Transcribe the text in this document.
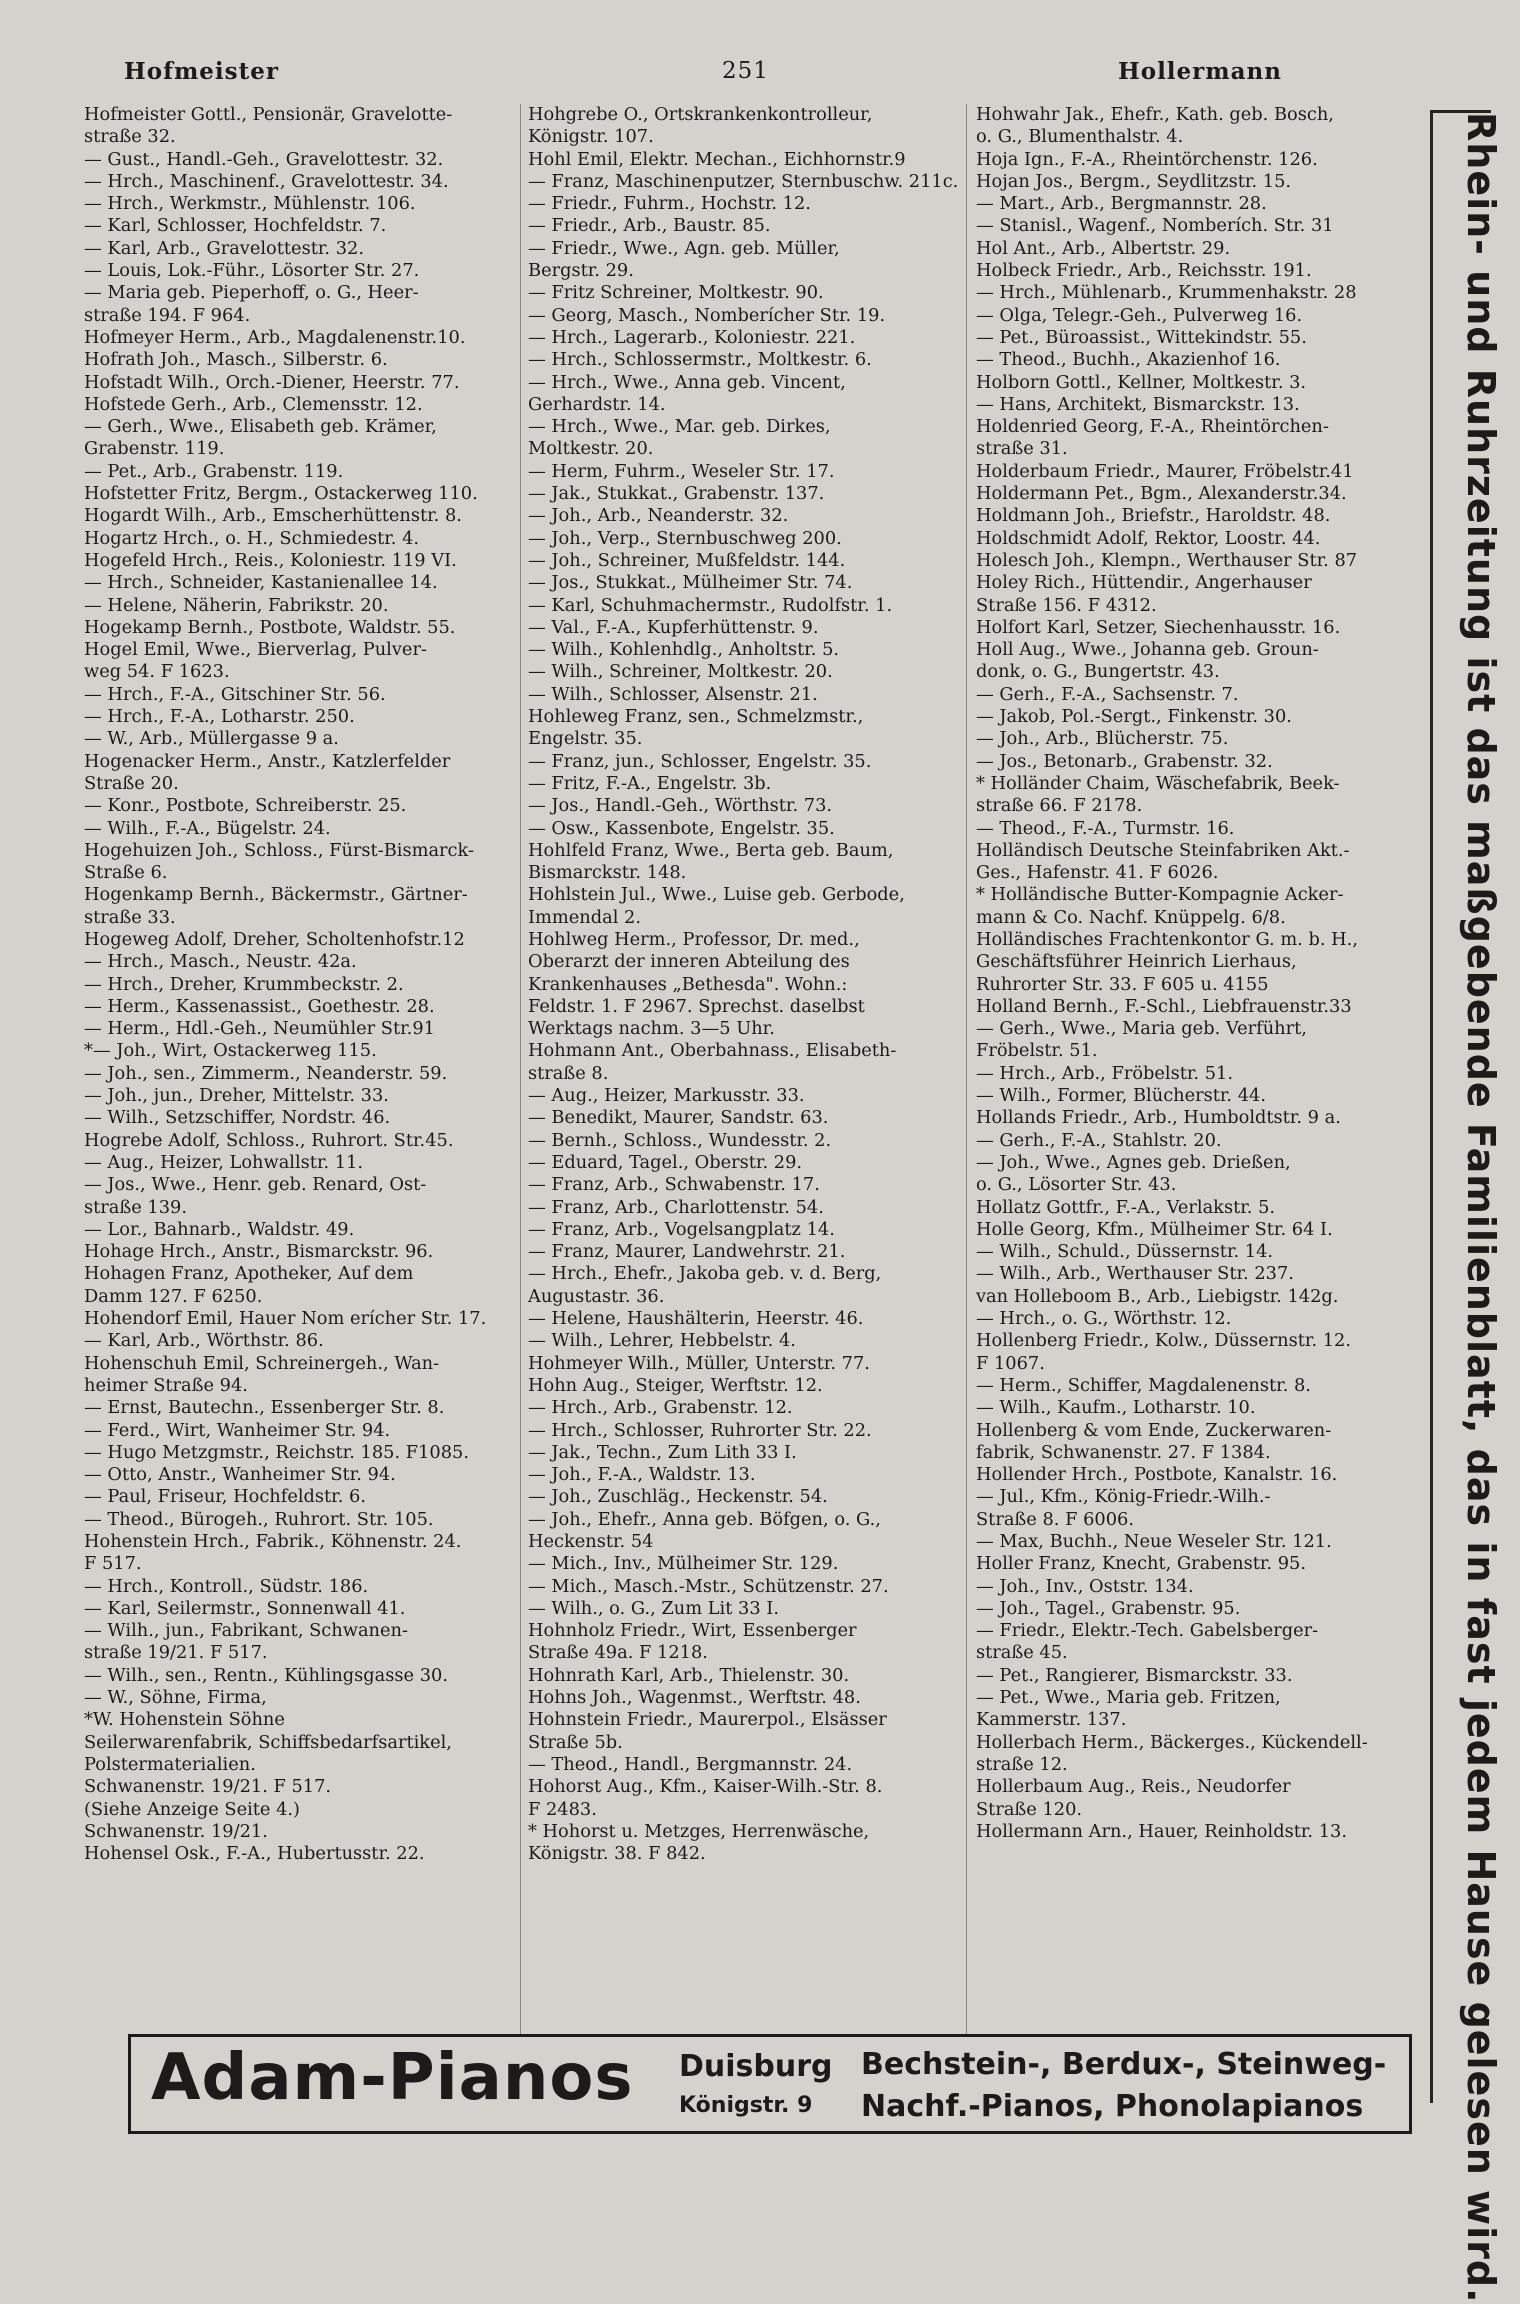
Hofmeister	251	Hollermann
Hofmeister Gottl., Pensionär, Gravelotte-
straße 32.
— Gust., Handl.-Geh., Gravelottestr. 32.
— Hrch., Maschinenf., Gravelottestr. 34.
— Hrch., Werkmstr., Mühlenstr. 106.
— Karl, Schlosser, Hochfeldstr. 7.
— Karl, Arb., Gravelottestr. 32.
— Louis, Lok.-Führ., Lösorter Str. 27.
— Maria geb. Pieperhoff, o. G., Heer-
straße 194. F 964.
Hofmeyer Herm., Arb., Magdalenenstr.10.
Hofrath Joh., Masch., Silberstr. 6.
Hofstadt Wilh., Orch.-Diener, Heerstr. 77.
Hofstede Gerh., Arb., Clemensstr. 12.
— Gerh., Wwe., Elisabeth geb. Krämer,
Grabenstr. 119.
— Pet., Arb., Grabenstr. 119.
Hofstetter Fritz, Bergm., Ostackerweg 110.
Hogardt Wilh., Arb., Emscherhüttenstr. 8.
Hogartz Hrch., o. H., Schmiedestr. 4.
Hogefeld Hrch., Reis., Koloniestr. 119 VI.
— Hrch., Schneider, Kastanienallee 14.
— Helene, Näherin, Fabrikstr. 20.
Hogekamp Bernh., Postbote, Waldstr. 55.
Hogel Emil, Wwe., Bierverlag, Pulver-
weg 54. F 1623.
— Hrch., F.-A., Gitschiner Str. 56.
— Hrch., F.-A., Lotharstr. 250.
— W., Arb., Müllergasse 9 a.
Hogenacker Herm., Anstr., Katzlerfelder
Straße 20.
— Konr., Postbote, Schreiberstr. 25.
— Wilh., F.-A., Bügelstr. 24.
Hogehuizen Joh., Schloss., Fürst-Bismarck-
Straße 6.
Hogenkamp Bernh., Bäckermstr., Gärtner-
straße 33.
Hogeweg Adolf, Dreher, Scholtenhofstr.12
— Hrch., Masch., Neustr. 42a.
— Hrch., Dreher, Krummbeckstr. 2.
— Herm., Kassenassist., Goethestr. 28.
— Herm., Hdl.-Geh., Neumühler Str.91
*— Joh., Wirt, Ostackerweg 115.
— Joh., sen., Zimmerm., Neanderstr. 59.
— Joh., jun., Dreher, Mittelstr. 33.
— Wilh., Setzschiffer, Nordstr. 46.
Hogrebe Adolf, Schloss., Ruhrort. Str.45.
— Aug., Heizer, Lohwallstr. 11.
— Jos., Wwe., Henr. geb. Renard, Ost-
straße 139.
— Lor., Bahnarb., Waldstr. 49.
Hohage Hrch., Anstr., Bismarckstr. 96.
Hohagen Franz, Apotheker, Auf dem
Damm 127. F 6250.
Hohendorf Emil, Hauer Nom erícher Str. 17.
— Karl, Arb., Wörthstr. 86.
Hohenschuh Emil, Schreinergeh., Wan-
heimer Straße 94.
— Ernst, Bautechn., Essenberger Str. 8.
— Ferd., Wirt, Wanheimer Str. 94.
— Hugo Metzgmstr., Reichstr. 185. F1085.
— Otto, Anstr., Wanheimer Str. 94.
— Paul, Friseur, Hochfeldstr. 6.
— Theod., Bürogeh., Ruhrort. Str. 105.
Hohenstein Hrch., Fabrik., Köhnenstr. 24.
F 517.
— Hrch., Kontroll., Südstr. 186.
— Karl, Seilermstr., Sonnenwall 41.
— Wilh., jun., Fabrikant, Schwanen-
straße 19/21. F 517.
— Wilh., sen., Rentn., Kühlingsgasse 30.
— W., Söhne, Firma,
*W. Hohenstein Söhne
Seilerwarenfabrik, Schiffsbedarfsartikel,
Polstermaterialien.
Schwanenstr. 19/21. F 517.
(Siehe Anzeige Seite 4.)
Schwanenstr. 19/21.
Hohensel Osk., F.-A., Hubertusstr. 22.
Hohgrebe O., Ortskrankenkontrolleur,
Königstr. 107.
Hohl Emil, Elektr. Mechan., Eichhornstr.9
— Franz, Maschinenputzer, Sternbuschw. 211c.
— Friedr., Fuhrm., Hochstr. 12.
— Friedr., Arb., Baustr. 85.
— Friedr., Wwe., Agn. geb. Müller,
Bergstr. 29.
— Fritz Schreiner, Moltkestr. 90.
— Georg, Masch., Nomberícher Str. 19.
— Hrch., Lagerarb., Koloniestr. 221.
— Hrch., Schlossermstr., Moltkestr. 6.
— Hrch., Wwe., Anna geb. Vincent,
Gerhardstr. 14.
— Hrch., Wwe., Mar. geb. Dirkes,
Moltkestr. 20.
— Herm, Fuhrm., Weseler Str. 17.
— Jak., Stukkat., Grabenstr. 137.
— Joh., Arb., Neanderstr. 32.
— Joh., Verp., Sternbuschweg 200.
— Joh., Schreiner, Mußfeldstr. 144.
— Jos., Stukkat., Mülheimer Str. 74.
— Karl, Schuhmachermstr., Rudolfstr. 1.
— Val., F.-A., Kupferhüttenstr. 9.
— Wilh., Kohlenhdlg., Anholtstr. 5.
— Wilh., Schreiner, Moltkestr. 20.
— Wilh., Schlosser, Alsenstr. 21.
Hohleweg Franz, sen., Schmelzmstr.,
Engelstr. 35.
— Franz, jun., Schlosser, Engelstr. 35.
— Fritz, F.-A., Engelstr. 3b.
— Jos., Handl.-Geh., Wörthstr. 73.
— Osw., Kassenbote, Engelstr. 35.
Hohlfeld Franz, Wwe., Berta geb. Baum,
Bismarckstr. 148.
Hohlstein Jul., Wwe., Luise geb. Gerbode,
Immendal 2.
Hohlweg Herm., Professor, Dr. med.,
Oberarzt der inneren Abteilung des
Krankenhauses „Bethesda". Wohn.:
Feldstr. 1. F 2967. Sprechst. daselbst
Werktags nachm. 3—5 Uhr.
Hohmann Ant., Oberbahnass., Elisabeth-
straße 8.
— Aug., Heizer, Markusstr. 33.
— Benedikt, Maurer, Sandstr. 63.
— Bernh., Schloss., Wundesstr. 2.
— Eduard, Tagel., Oberstr. 29.
— Franz, Arb., Schwabenstr. 17.
— Franz, Arb., Charlottenstr. 54.
— Franz, Arb., Vogelsangplatz 14.
— Franz, Maurer, Landwehrstr. 21.
— Hrch., Ehefr., Jakoba geb. v. d. Berg,
Augustastr. 36.
— Helene, Haushälterin, Heerstr. 46.
— Wilh., Lehrer, Hebbelstr. 4.
Hohmeyer Wilh., Müller, Unterstr. 77.
Hohn Aug., Steiger, Werftstr. 12.
— Hrch., Arb., Grabenstr. 12.
— Hrch., Schlosser, Ruhrorter Str. 22.
— Jak., Techn., Zum Lith 33 I.
— Joh., F.-A., Waldstr. 13.
— Joh., Zuschläg., Heckenstr. 54.
— Joh., Ehefr., Anna geb. Böfgen, o. G.,
Heckenstr. 54
— Mich., Inv., Mülheimer Str. 129.
— Mich., Masch.-Mstr., Schützenstr. 27.
— Wilh., o. G., Zum Lit 33 I.
Hohnholz Friedr., Wirt, Essenberger
Straße 49a. F 1218.
Hohnrath Karl, Arb., Thielenstr. 30.
Hohns Joh., Wagenmst., Werftstr. 48.
Hohnstein Friedr., Maurerpol., Elsässer
Straße 5b.
— Theod., Handl., Bergmannstr. 24.
Hohorst Aug., Kfm., Kaiser-Wilh.-Str. 8.
F 2483.
* Hohorst u. Metzges, Herrenwäsche,
Königstr. 38. F 842.
Hohwahr Jak., Ehefr., Kath. geb. Bosch,
o. G., Blumenthalstr. 4.
Hoja Ign., F.-A., Rheintörchenstr. 126.
Hojan Jos., Bergm., Seydlitzstr. 15.
— Mart., Arb., Bergmannstr. 28.
— Stanisl., Wagenf., Nomberích. Str. 31
Hol Ant., Arb., Albertstr. 29.
Holbeck Friedr., Arb., Reichsstr. 191.
— Hrch., Mühlenarb., Krummenhakstr. 28
— Olga, Telegr.-Geh., Pulverweg 16.
— Pet., Büroassist., Wittekindstr. 55.
— Theod., Buchh., Akazienhof 16.
Holborn Gottl., Kellner, Moltkestr. 3.
— Hans, Architekt, Bismarckstr. 13.
Holdenried Georg, F.-A., Rheintörchen-
straße 31.
Holderbaum Friedr., Maurer, Fröbelstr.41
Holdermann Pet., Bgm., Alexanderstr.34.
Holdmann Joh., Briefstr., Haroldstr. 48.
Holdschmidt Adolf, Rektor, Loostr. 44.
Holesch Joh., Klempn., Werthauser Str. 87
Holey Rich., Hüttendir., Angerhauser
Straße 156. F 4312.
Holfort Karl, Setzer, Siechenhausstr. 16.
Holl Aug., Wwe., Johanna geb. Groun-
donk, o. G., Bungertstr. 43.
— Gerh., F.-A., Sachsenstr. 7.
— Jakob, Pol.-Sergt., Finkenstr. 30.
— Joh., Arb., Blücherstr. 75.
— Jos., Betonarb., Grabenstr. 32.
* Holländer Chaim, Wäschefabrik, Beek-
straße 66. F 2178.
— Theod., F.-A., Turmstr. 16.
Holländisch Deutsche Steinfabriken Akt.-
Ges., Hafenstr. 41. F 6026.
* Holländische Butter-Kompagnie Acker-
mann & Co. Nachf. Knüppelg. 6/8.
Holländisches Frachtenkontor G. m. b. H.,
Geschäftsführer Heinrich Lierhaus,
Ruhrorter Str. 33. F 605 u. 4155
Holland Bernh., F.-Schl., Liebfrauenstr.33
— Gerh., Wwe., Maria geb. Verführt,
Fröbelstr. 51.
— Hrch., Arb., Fröbelstr. 51.
— Wilh., Former, Blücherstr. 44.
Hollands Friedr., Arb., Humboldtstr. 9 a.
— Gerh., F.-A., Stahlstr. 20.
— Joh., Wwe., Agnes geb. Drießen,
o. G., Lösorter Str. 43.
Hollatz Gottfr., F.-A., Verlakstr. 5.
Holle Georg, Kfm., Mülheimer Str. 64 I.
— Wilh., Schuld., Düssernstr. 14.
— Wilh., Arb., Werthauser Str. 237.
van Holleboom B., Arb., Liebigstr. 142g.
— Hrch., o. G., Wörthstr. 12.
Hollenberg Friedr., Kolw., Düssernstr. 12.
F 1067.
— Herm., Schiffer, Magdalenenstr. 8.
— Wilh., Kaufm., Lotharstr. 10.
Hollenberg & vom Ende, Zuckerwaren-
fabrik, Schwanenstr. 27. F 1384.
Hollender Hrch., Postbote, Kanalstr. 16.
— Jul., Kfm., König-Friedr.-Wilh.-
Straße 8. F 6006.
— Max, Buchh., Neue Weseler Str. 121.
Holler Franz, Knecht, Grabenstr. 95.
— Joh., Inv., Oststr. 134.
— Joh., Tagel., Grabenstr. 95.
— Friedr., Elektr.-Tech. Gabelsberger-
straße 45.
— Pet., Rangierer, Bismarckstr. 33.
— Pet., Wwe., Maria geb. Fritzen,
Kammerstr. 137.
Hollerbach Herm., Bäckerges., Kückendell-
straße 12.
Hollerbaum Aug., Reis., Neudorfer
Straße 120.
Hollermann Arn., Hauer, Reinholdstr. 13.	Rhein- und Ruhrzeitung ist das maßgebende Familienblatt, das in fast jedem Hause gelesen wird.
Adam-Pianos Duisburg
Königstr. 9
Bechstein-, Berdux-, Steinweg-
Nachf.-Pianos, Phonolapianos
